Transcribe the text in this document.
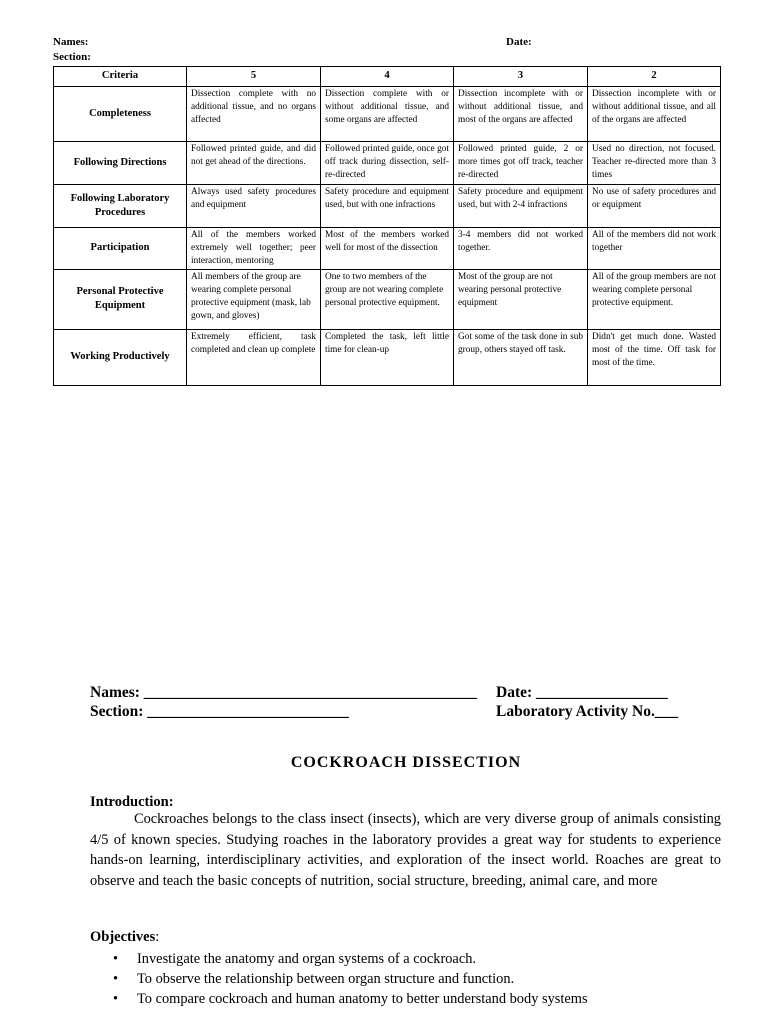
Names:
Section:
Date:
Criteria	5	4	3	2
Completeness	Dissection complete with no additional tissue, and no organs affected	Dissection complete with or without additional tissue, and some organs are affected	Dissection incomplete with or without additional tissue, and most of the organs are affected	Dissection incomplete with or without additional tissue, and all of the organs are affected
Following Directions	Followed printed guide, and did not get ahead of the directions.	Followed printed guide, once got off track during dissection, self-re-directed	Followed printed guide, 2 or more times got off track, teacher re-directed	Used no direction, not focused. Teacher re-directed more than 3 times
Following Laboratory Procedures	Always used safety procedures and equipment	Safety procedure and equipment used, but with one infractions	Safety procedure and equipment used, but with 2-4 infractions	No use of safety procedures and or equipment
Participation	All of the members worked extremely well together; peer interaction, mentoring	Most of the members worked well for most of the dissection	3-4 members did not worked together.	All of the members did not work together
Personal Protective Equipment	All members of the group are wearing complete personal protective equipment (mask, lab gown, and gloves)	One to two members of the group are not wearing complete personal protective equipment.	Most of the group are not wearing personal protective equipment	All of the group members are not wearing complete personal protective equipment.
Working Productively	Extremely efficient, task completed and clean up complete	Completed the task, left little time for clean-up	Got some of the task done in sub group, others stayed off task.	Didn't get much done. Wasted most of the time. Off task for most of the time.
Names: ___________________________________________
Section: __________________________
Date: _________________
Laboratory Activity No.___
COCKROACH DISSECTION
Introduction:
Cockroaches belongs to the class insect (insects), which are very diverse group of animals consisting 4/5 of known species. Studying roaches in the laboratory provides a great way for students to experience hands-on learning, interdisciplinary activities, and exploration of the insect world. Roaches are great to observe and teach the basic concepts of nutrition, social structure, breeding, animal care, and more
Objectives:
• Investigate the anatomy and organ systems of a cockroach.
• To observe the relationship between organ structure and function.
• To compare cockroach and human anatomy to better understand body systems
